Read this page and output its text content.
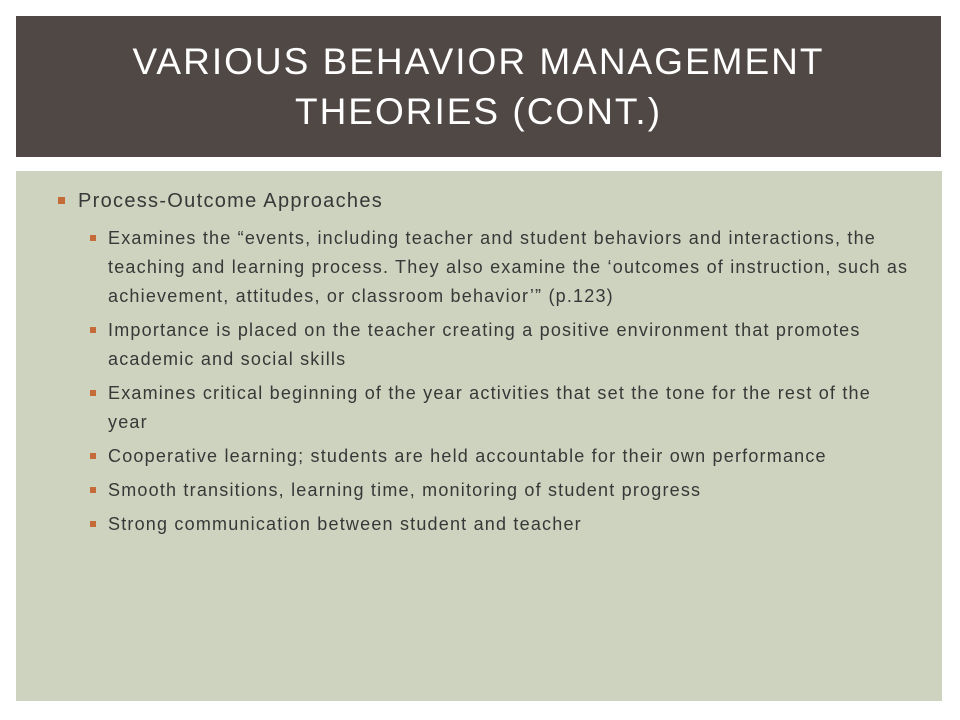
VARIOUS BEHAVIOR MANAGEMENT THEORIES (CONT.)
Process-Outcome Approaches
Examines the “events, including teacher and student behaviors and interactions, the teaching and learning process. They also examine the ‘outcomes of instruction, such as achievement, attitudes, or classroom behavior’” (p.123)
Importance is placed on the teacher creating a positive environment that promotes academic and social skills
Examines critical beginning of the year activities that set the tone for the rest of the year
Cooperative learning; students are held accountable for their own performance
Smooth transitions, learning time, monitoring of student progress
Strong communication between student and teacher
